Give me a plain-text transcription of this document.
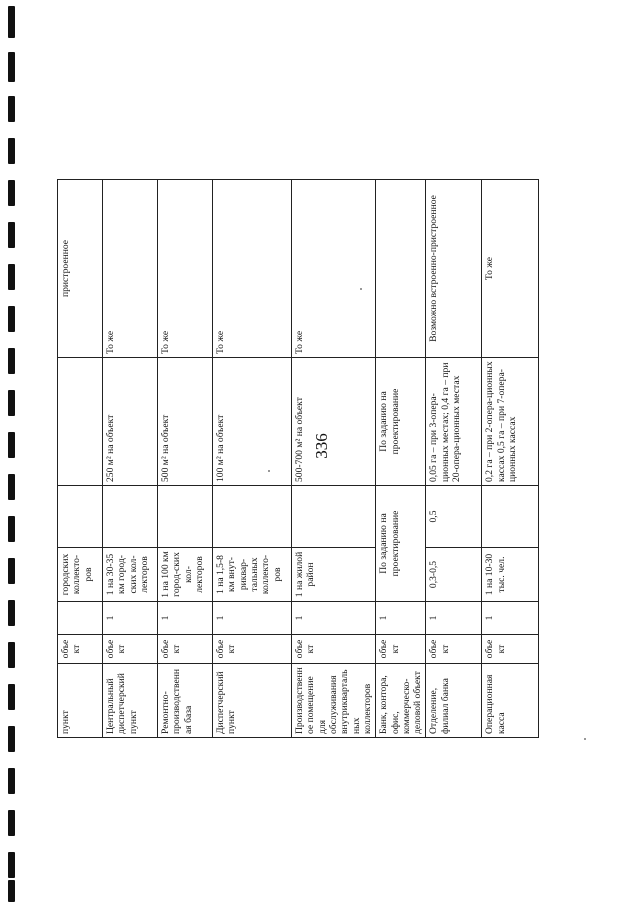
336
пункт	объект		городских коллекто-ров			пристроенное
Центральный диспетчерский пункт	объект	1	1 на 30-35 км город-ских кол-лекторов		250 м² на объект	То же
Ремонтно-производственная база	объект	1	1 на 100 км город-ских кол-лекторов		500 м² на объект	То же
Диспетчерский пункт	объект	1	1 на 1,5-8 км внут-риквар-тальных коллекто-ров		100 м² на объект	То же
Производственное помещение для обслуживания внутриквартальных коллекторов	объект	1	1 на жилой район		500-700 м² на объект	То же
Банк, контора, офис, коммерческо-деловой объект	объект	1	По заданию на проектирование		По заданию на проектирование	
Отделение, филиал банка	объект	1	0,3-0,5	0,5	0,05 га – при 3-опера-ционных местах; 0,4 га – при 20-опера-ционных местах	Возможно встроенно-пристроенное
Операционная касса	объект	1	1 на 10-30 тыс. чел.		0,2 га – при 2-опера-ционных кассах 0,5 га – при 7-опера-ционных кассах	То же
